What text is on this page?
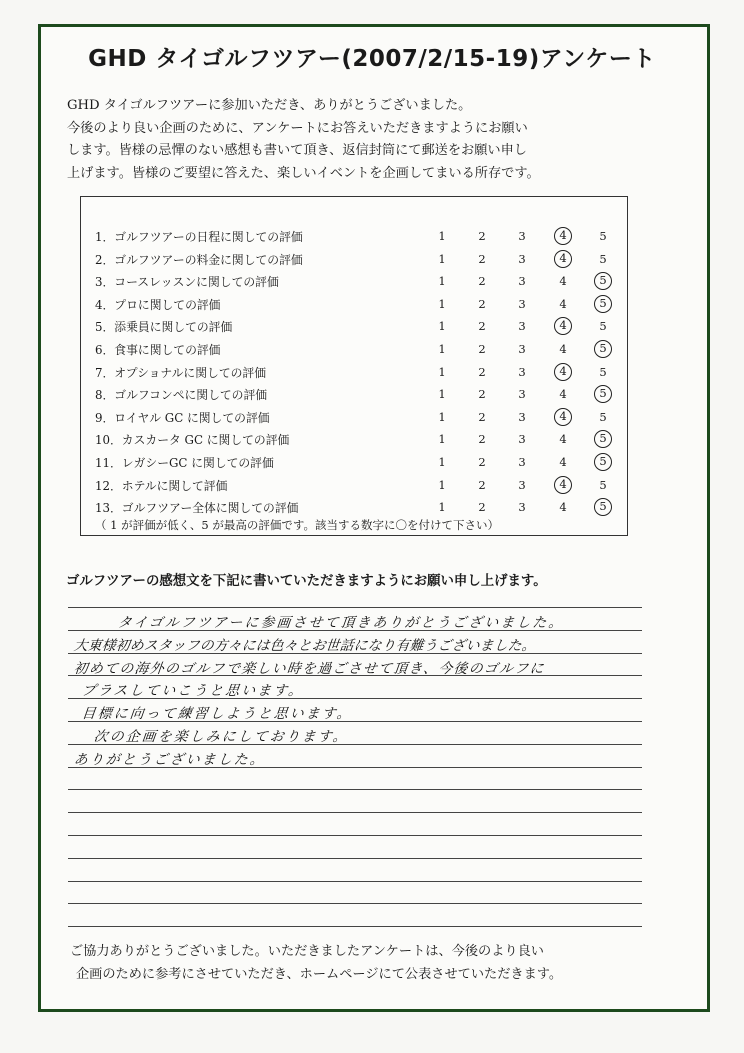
GHD タイゴルフツアー(2007/2/15-19)アンケート
GHD タイゴルフツアーに参加いただき、ありがとうございました。
今後のより良い企画のために、アンケートにお答えいただきますようにお願い
します。皆様の忌憚のない感想も書いて頂き、返信封筒にて郵送をお願い申し
上げます。皆様のご要望に答えた、楽しいイベントを企画してまいる所存です。
（ 1 が評価が低く、5 が最高の評価です。該当する数字に〇を付けて下さい）
1．ゴルフツアーの日程に関しての評価	1	2	3	4	5
2．ゴルフツアーの料金に関しての評価	1	2	3	4	5
3．コースレッスンに関しての評価	1	2	3	4	5
4．プロに関しての評価	1	2	3	4	5
5．添乗員に関しての評価	1	2	3	4	5
6．食事に関しての評価	1	2	3	4	5
7．オプショナルに関しての評価	1	2	3	4	5
8．ゴルフコンペに関しての評価	1	2	3	4	5
9．ロイヤル GC に関しての評価	1	2	3	4	5
10．カスカータ GC に関しての評価	1	2	3	4	5
11．レガシーGC に関しての評価	1	2	3	4	5
12．ホテルに関して評価	1	2	3	4	5
13．ゴルフツアー全体に関しての評価	1	2	3	4	5
ゴルフツアーの感想文を下記に書いていただきますようにお願い申し上げます。
タイゴルフツアーに参画させて頂きありがとうございました。
大東様初めスタッフの方々には色々とお世話になり有難うございました。
初めての海外のゴルフで楽しい時を過ごさせて頂き、今後のゴルフに
プラスしていこうと思います。
目標に向って練習しようと思います。
次の企画を楽しみにしております。
ありがとうございました。
ご協力ありがとうございました。いただきましたアンケートは、今後のより良い
企画のために参考にさせていただき、ホームページにて公表させていただきます。
